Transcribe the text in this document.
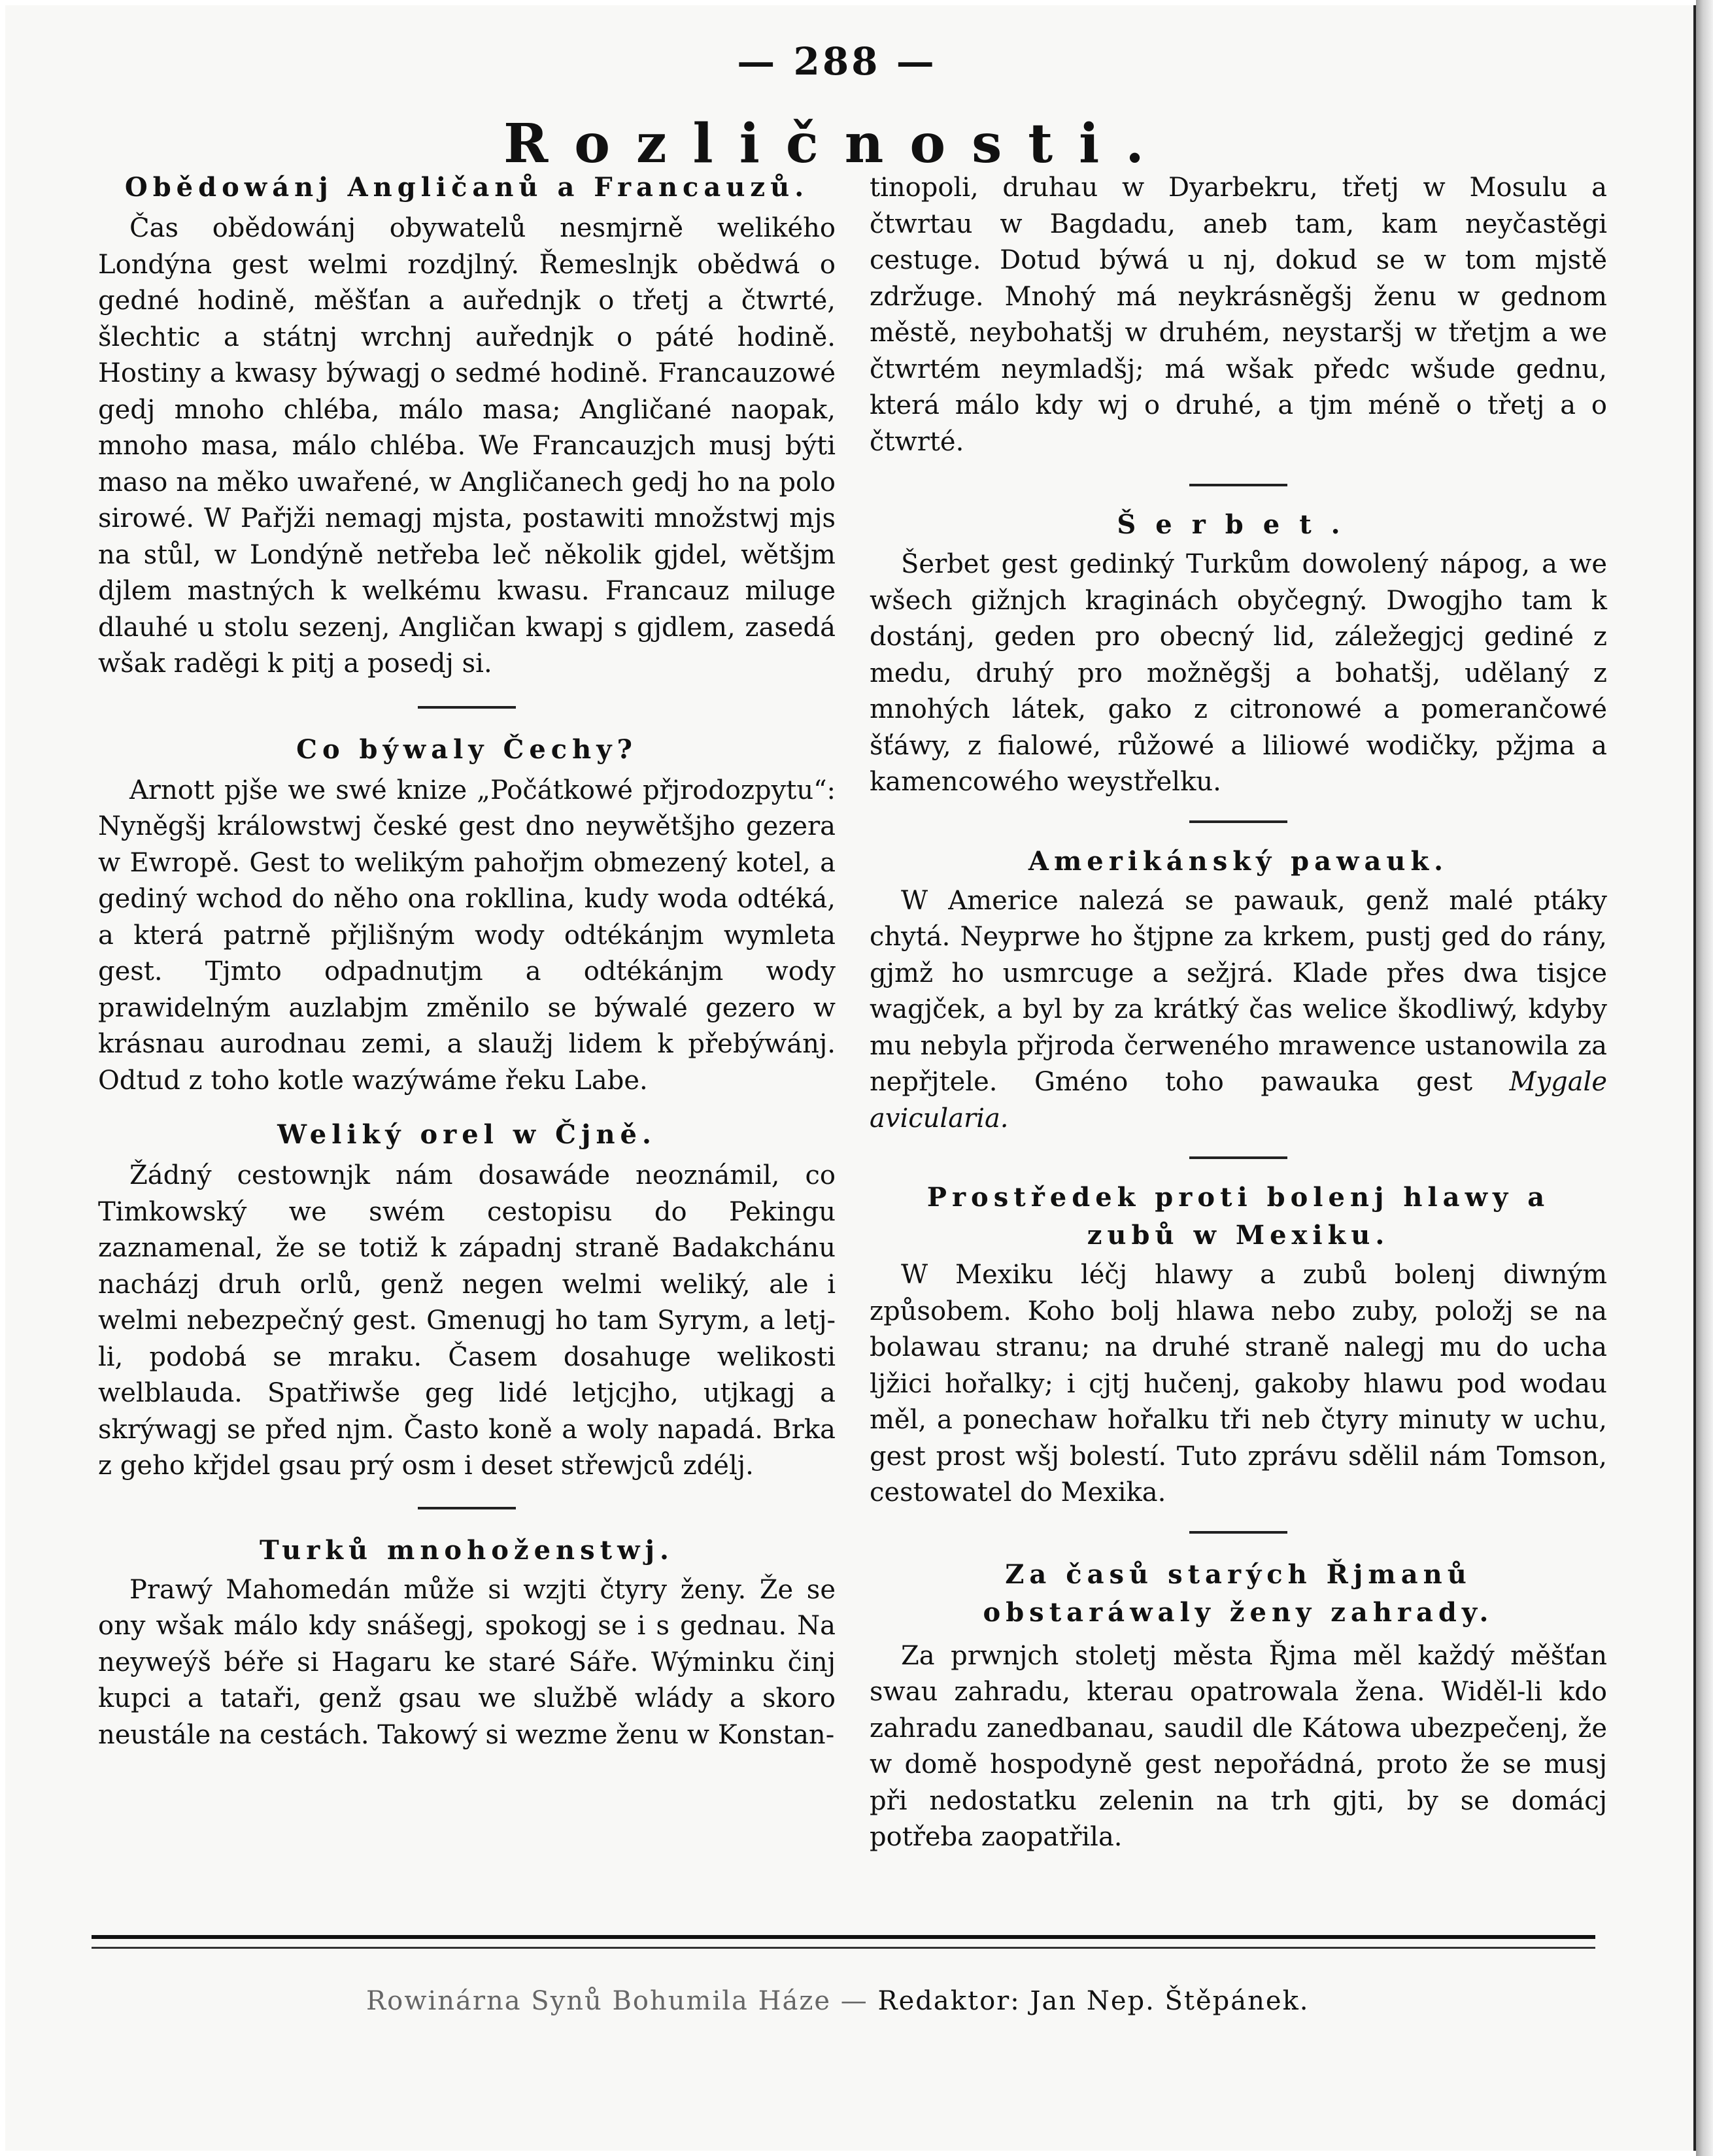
— 288 —
Rozličnosti.
Obědowánj Angličanů a Francauzů.

Čas obědowánj obywatelů nesmjrně welikého Londýna gest welmi rozdjlný. Řemeslnjk obědwá o gedné hodině, měšťan a auřednjk o třetj a čtwrté, šlechtic a státnj wrchnj auřednjk o páté hodině. Hostiny a kwasy býwagj o sedmé hodině. Francauzowé gedj mnoho chléba, málo masa; Angličané naopak, mnoho masa, málo chléba. We Francauzjch musj býti maso na měko uwařené, w Angličanech gedj ho na polo sirowé. W Pařjži nemagj mjsta, postawiti množstwj mjs na stůl, w Londýně netřeba leč několik gjdel, wětšjm djlem mastných k welkému kwasu. Francauz miluge dlauhé u stolu sezenj, Angličan kwapj s gjdlem, zasedá wšak raděgi k pitj a posedj si.

Co býwaly Čechy?

Arnott pjše we swé knize „Počátkowé přjrodozpytu“: Nyněgšj králowstwj české gest dno neywětšjho gezera w Ewropě. Gest to welikým pahořjm obmezený kotel, a gediný wchod do něho ona rokllina, kudy woda odtéká, a která patrně přjlišným wody odtékánjm wymleta gest. Tjmto odpadnutjm a odtékánjm wody prawidelným auzlabjm změnilo se býwalé gezero w krásnau aurodnau zemi, a slaužj lidem k přebýwánj. Odtud z toho kotle wazýwáme řeku Labe.

Weliký orel w Čjně.

Žádný cestownjk nám dosawáde neoznámil, co Timkowský we swém cestopisu do Pekingu zaznamenal, že se totiž k západnj straně Badakchánu nacházj druh orlů, genž negen welmi weliký, ale i welmi nebezpečný gest. Gmenugj ho tam Syrym, a letj-li, podobá se mraku. Časem dosahuge welikosti welblauda. Spatřiwše geg lidé letjcjho, utjkagj a skrýwagj se před njm. Často koně a woly napadá. Brka z geho křjdel gsau prý osm i deset střewjců zdélj.

Turků mnohoženstwj.

Prawý Mahomedán může si wzjti čtyry ženy. Že se ony wšak málo kdy snášegj, spokogj se i s gednau. Na neyweýš béře si Hagaru ke staré Sáře. Wýminku činj kupci a tataři, genž gsau we službě wlády a skoro neustále na cestách. Takowý si wezme ženu w Konstan-

tinopoli, druhau w Dyarbekru, třetj w Mosulu a čtwrtau w Bagdadu, aneb tam, kam neyčastěgi cestuge. Dotud býwá u nj, dokud se w tom mjstě zdržuge. Mnohý má neykrásněgšj ženu w gednom městě, neybohatšj w druhém, neystaršj w třetjm a we čtwrtém neymladšj; má wšak předc wšude gednu, která málo kdy wj o druhé, a tjm méně o třetj a o čtwrté.

Šerbet.

Šerbet gest gedinký Turkům dowolený nápog, a we wšech gižnjch kraginách obyčegný. Dwogjho tam k dostánj, geden pro obecný lid, záležegjcj gediné z medu, druhý pro možněgšj a bohatšj, udělaný z mnohých látek, gako z citronowé a pomerančowé šťáwy, z fialowé, růžowé a liliowé wodičky, pžjma a kamencowého weystřelku.

Amerikánský pawauk.

W Americe nalezá se pawauk, genž malé ptáky chytá. Neyprwe ho štjpne za krkem, pustj ged do rány, gjmž ho usmrcuge a sežjrá. Klade přes dwa tisjce wagjček, a byl by za krátký čas welice škodliwý, kdyby mu nebyla přjroda čerweného mrawence ustanowila za nepřjtele. Gméno toho pawauka gest Mygale avicularia.

Prostředek proti bolenj hlawy a zubů w Mexiku.

W Mexiku léčj hlawy a zubů bolenj diwným způsobem. Koho bolj hlawa nebo zuby, položj se na bolawau stranu; na druhé straně nalegj mu do ucha ljžici hořalky; i cjtj hučenj, gakoby hlawu pod wodau měl, a ponechaw hořalku tři neb čtyry minuty w uchu, gest prost wšj bolestí. Tuto zprávu sdělil nám Tomson, cestowatel do Mexika.

Za časů starých Řjmanů obstaráwaly ženy zahrady.

Za prwnjch stoletj města Řjma měl každý měšťan swau zahradu, kterau opatrowala žena. Widěl-li kdo zahradu zanedbanau, saudil dle Kátowa ubezpečenj, že w domě hospodyně gest nepořádná, proto že se musj při nedostatku zelenin na trh gjti, by se domácj potřeba zaopatřila.

Rowinárna Synů Bohumila Háze — Redaktor: Jan Nep. Štěpánek.
